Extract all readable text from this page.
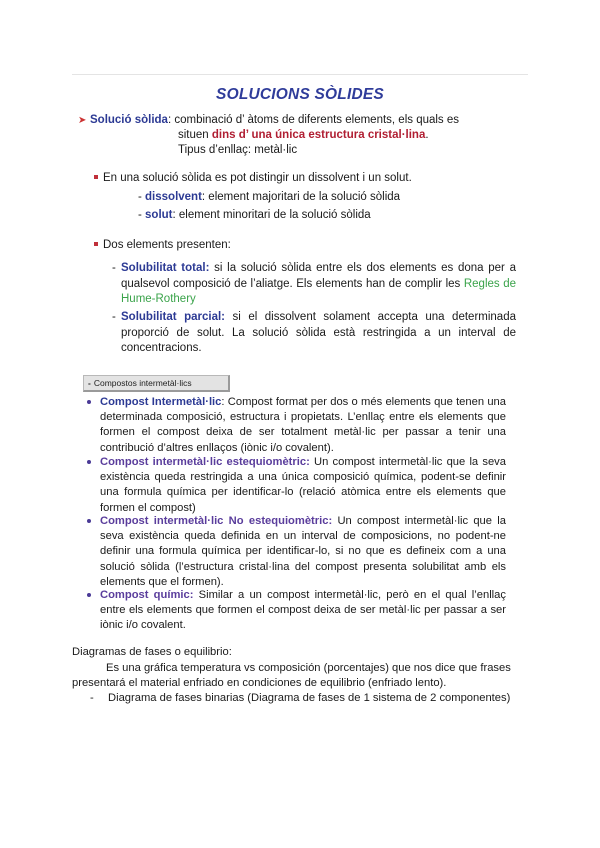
SOLUCIONS SÒLIDES
➤ Solució sòlida: combinació d’ àtoms de diferents elements, els quals es
situen dins d’ una única estructura cristal·lina.
Tipus d’enllaç: metàl·lic
En una solució sòlida es pot distingir un dissolvent i un solut.
- dissolvent: element majoritari de la solució sòlida
- solut: element minoritari de la solució sòlida
Dos elements presenten:
- Solubilitat total: si la solució sòlida entre els dos elements es dona per a qualsevol composició de l’aliatge. Els elements han de complir les Regles de Hume-Rothery
- Solubilitat parcial: si el dissolvent solament accepta una determinada proporció de solut. La solució sòlida està restringida a un interval de concentracions.
- Compostos intermetàl·lics
Compost Intermetàl·lic: Compost format per dos o més elements que tenen una determinada composició, estructura i propietats. L’enllaç entre els elements que formen el compost deixa de ser totalment metàl·lic per passar a tenir una contribució d’altres enllaços (iònic i/o covalent).
Compost intermetàl·lic estequiomètric: Un compost intermetàl·lic que la seva existència queda restringida a una única composició química, podent-se definir una formula química per identificar-lo (relació atòmica entre els elements que formen el compost)
Compost intermetàl·lic No estequiomètric: Un compost intermetàl·lic que la seva existència queda definida en un interval de composicions, no podent-ne definir una formula química per identificar-lo, si no que es defineix com a una solució sòlida (l’estructura cristal·lina del compost presenta solubilitat amb els elements que el formen).
Compost químic: Similar a un compost intermetàl·lic, però en el qual l’enllaç entre els elements que formen el compost deixa de ser metàl·lic per passar a ser iònic i/o covalent.
Diagramas de fases o equilibrio:
Es una gráfica temperatura vs composición (porcentajes) que nos dice que frases
presentará el material enfriado en condiciones de equilibrio (enfriado lento).
- Diagrama de fases binarias (Diagrama de fases de 1 sistema de 2 componentes)
